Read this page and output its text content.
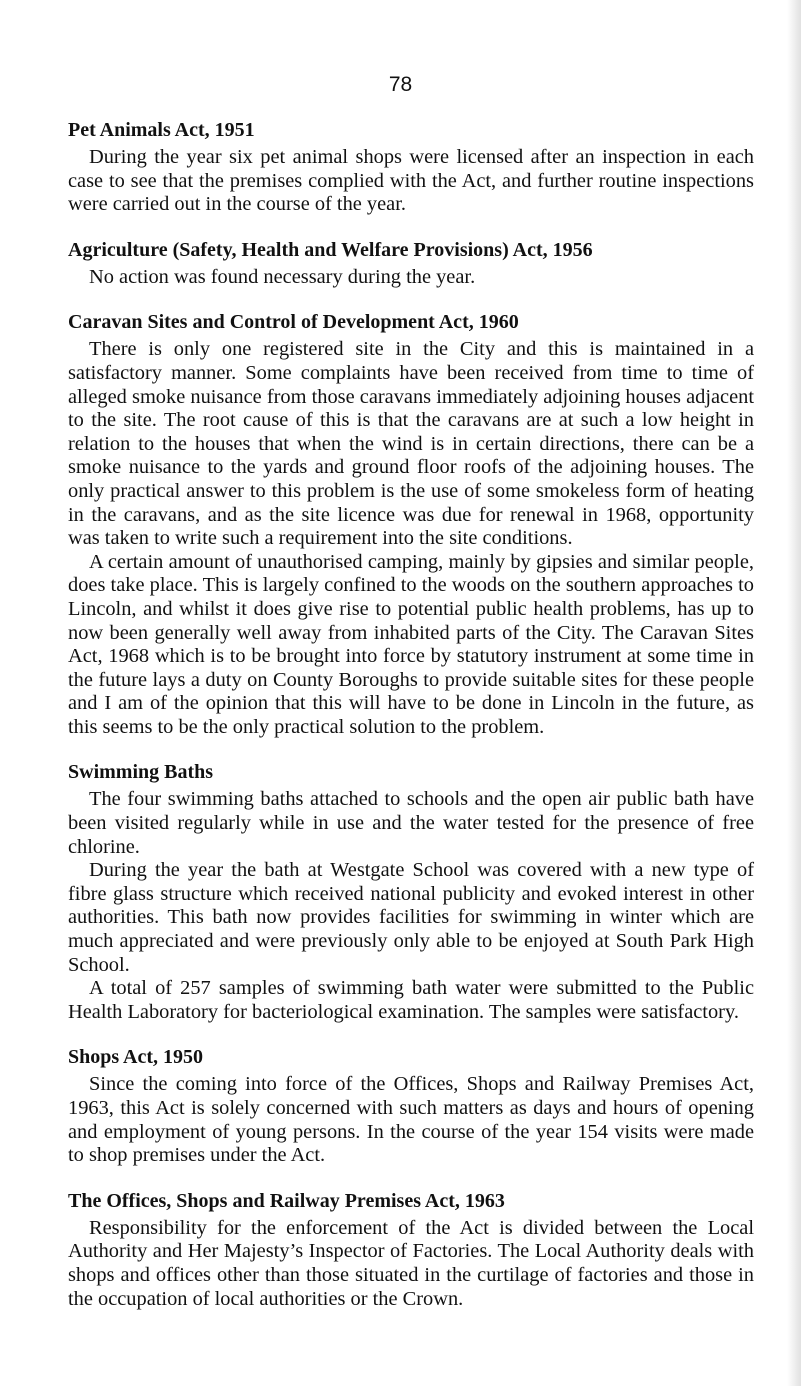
78
Pet Animals Act, 1951

During the year six pet animal shops were licensed after an inspection in each case to see that the premises complied with the Act, and further routine inspections were carried out in the course of the year.

Agriculture (Safety, Health and Welfare Provisions) Act, 1956

No action was found necessary during the year.

Caravan Sites and Control of Development Act, 1960

There is only one registered site in the City and this is maintained in a satisfactory manner. Some complaints have been received from time to time of alleged smoke nuisance from those caravans immediately adjoining houses adjacent to the site. The root cause of this is that the caravans are at such a low height in relation to the houses that when the wind is in certain directions, there can be a smoke nuisance to the yards and ground floor roofs of the adjoining houses. The only practical answer to this problem is the use of some smokeless form of heating in the caravans, and as the site licence was due for renewal in 1968, opportunity was taken to write such a requirement into the site conditions.

A certain amount of unauthorised camping, mainly by gipsies and similar people, does take place. This is largely confined to the woods on the southern approaches to Lincoln, and whilst it does give rise to potential public health problems, has up to now been generally well away from inhabited parts of the City. The Caravan Sites Act, 1968 which is to be brought into force by statutory instrument at some time in the future lays a duty on County Boroughs to provide suitable sites for these people and I am of the opinion that this will have to be done in Lincoln in the future, as this seems to be the only practical solution to the problem.

Swimming Baths

The four swimming baths attached to schools and the open air public bath have been visited regularly while in use and the water tested for the presence of free chlorine.

During the year the bath at Westgate School was covered with a new type of fibre glass structure which received national publicity and evoked interest in other authorities. This bath now provides facilities for swimming in winter which are much appreciated and were previously only able to be enjoyed at South Park High School.

A total of 257 samples of swimming bath water were submitted to the Public Health Laboratory for bacteriological examination. The samples were satisfactory.

Shops Act, 1950

Since the coming into force of the Offices, Shops and Railway Premises Act, 1963, this Act is solely concerned with such matters as days and hours of opening and employment of young persons. In the course of the year 154 visits were made to shop premises under the Act.

The Offices, Shops and Railway Premises Act, 1963

Responsibility for the enforcement of the Act is divided between the Local Authority and Her Majesty’s Inspector of Factories. The Local Authority deals with shops and offices other than those situated in the curtilage of factories and those in the occupation of local authorities or the Crown.
